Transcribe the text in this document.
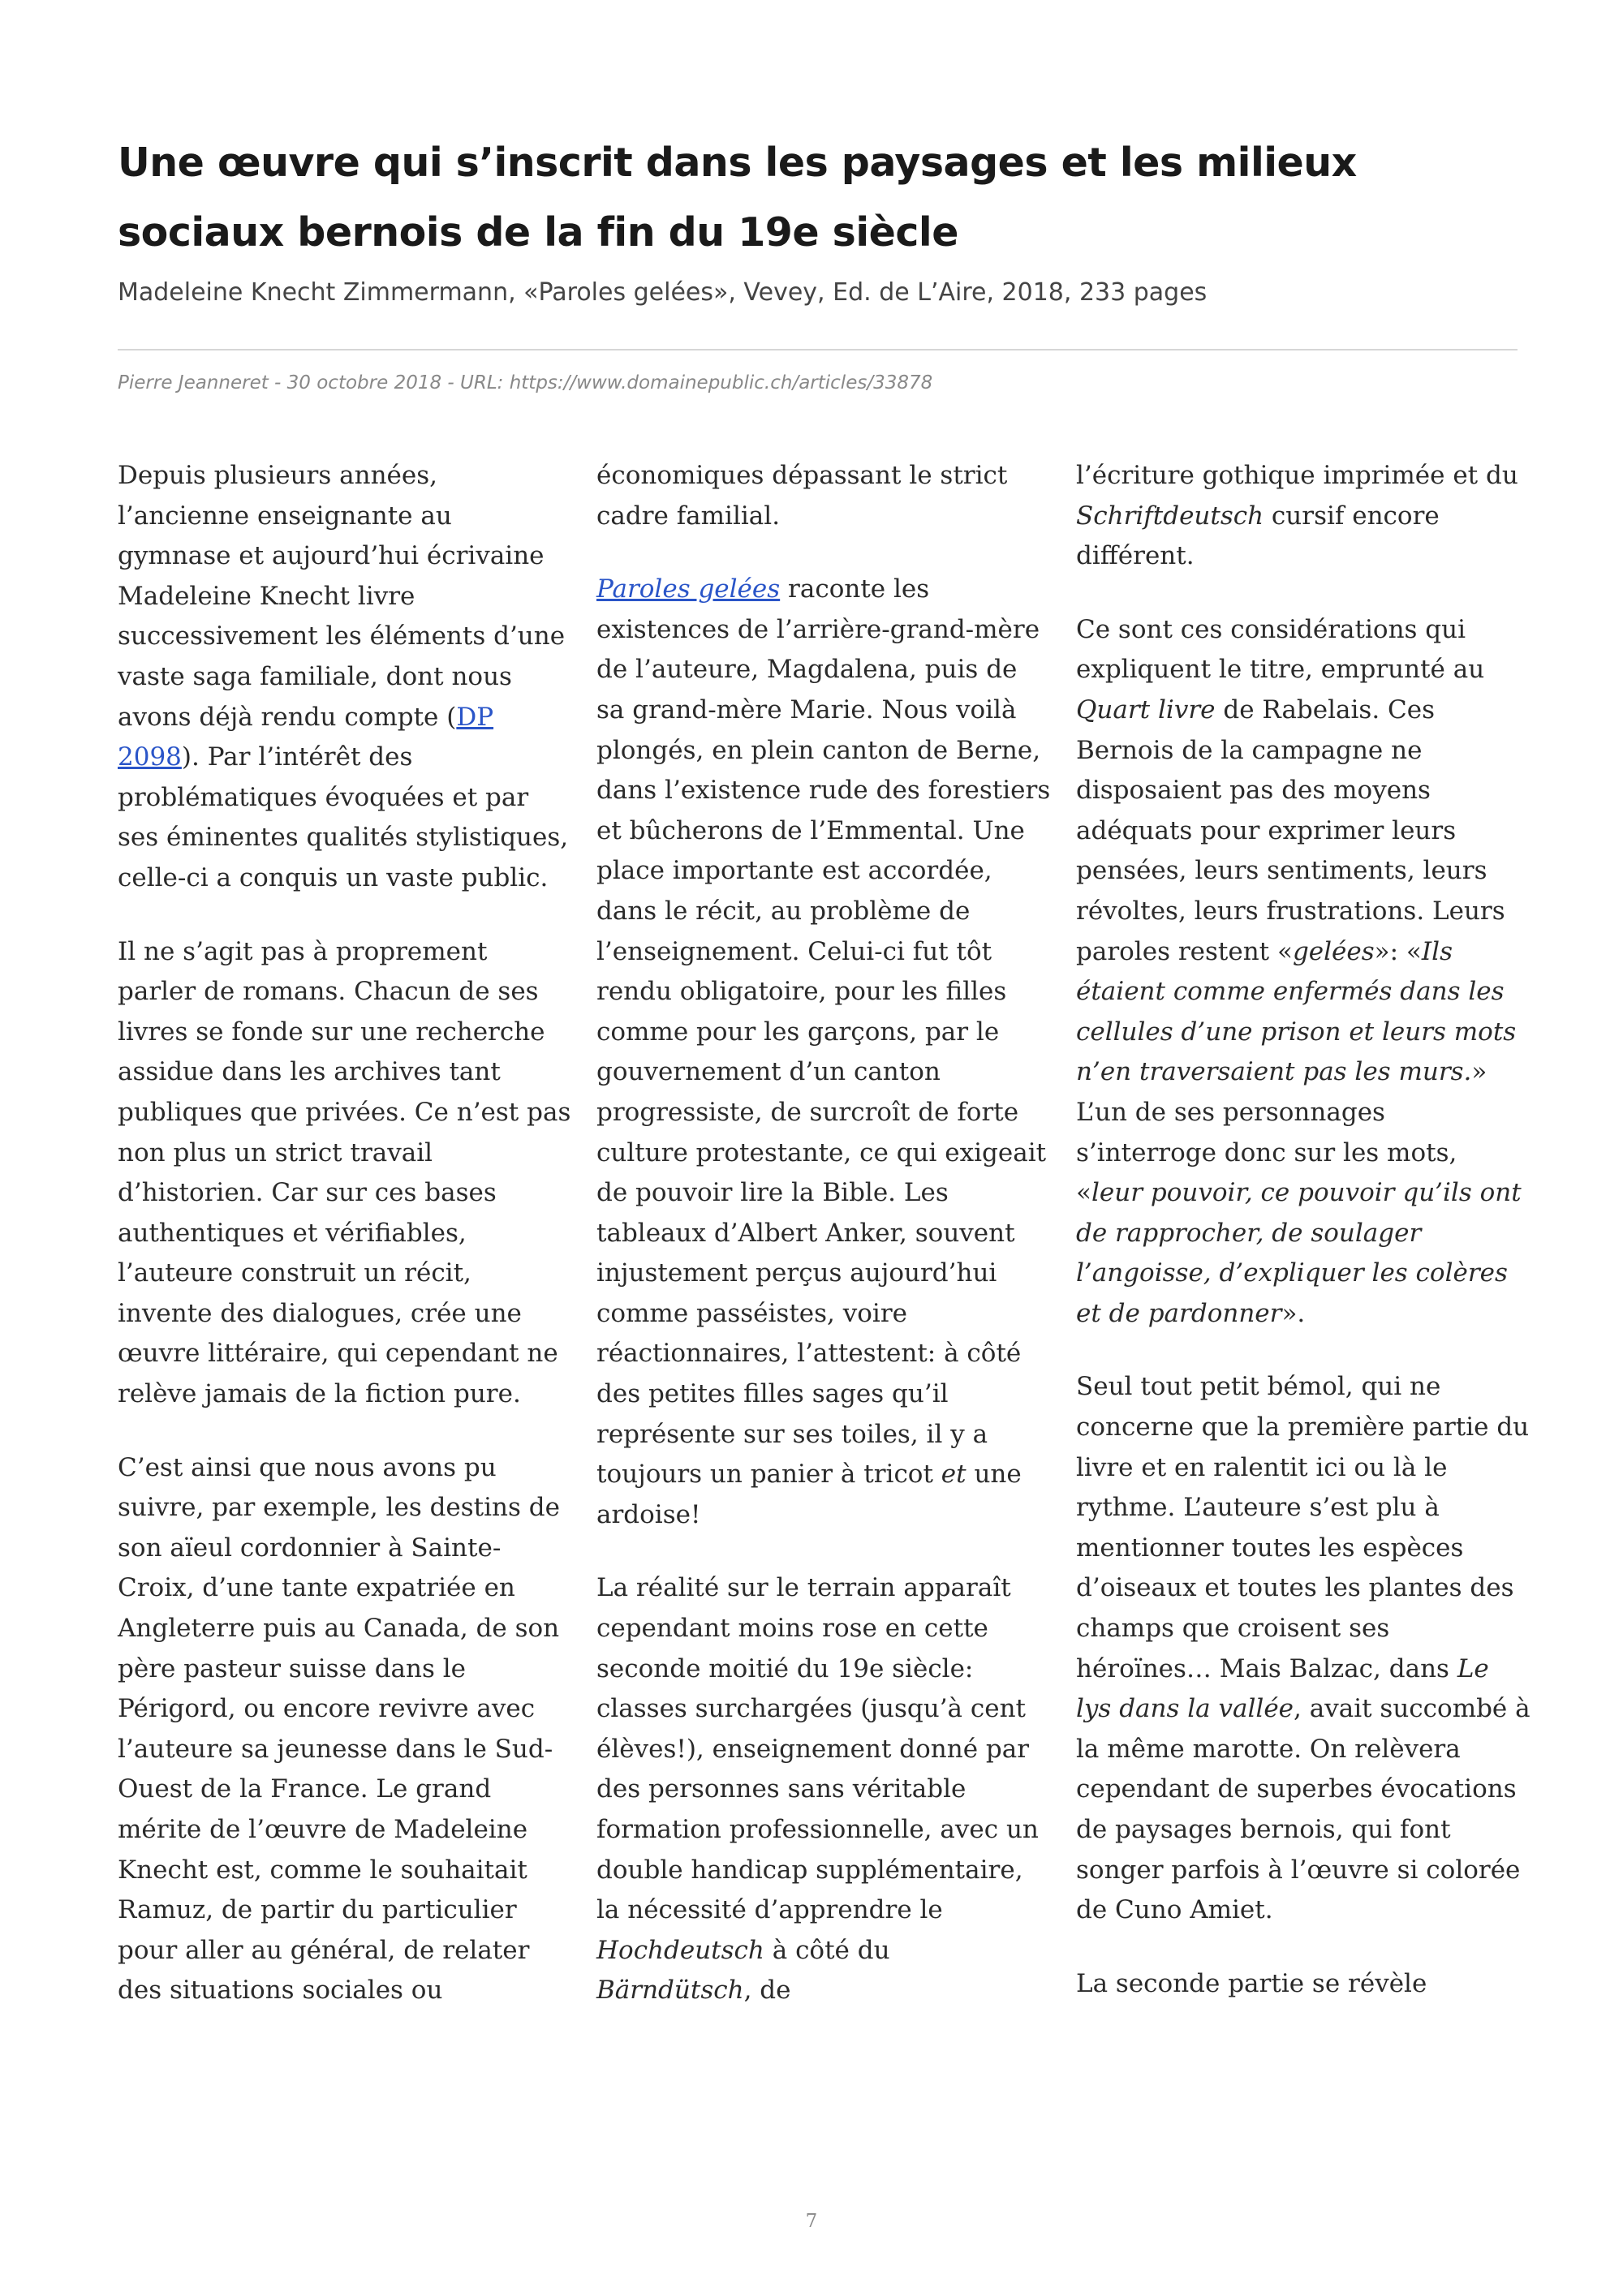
Une œuvre qui s’inscrit dans les paysages et les milieux sociaux bernois de la fin du 19e siècle

Madeleine Knecht Zimmermann, «Paroles gelées», Vevey, Ed. de L’Aire, 2018, 233 pages

Pierre Jeanneret - 30 octobre 2018 - URL: https://www.domainepublic.ch/articles/33878

Depuis plusieurs années, l’ancienne enseignante au gymnase et aujourd’hui écrivaine Madeleine Knecht livre successivement les éléments d’une vaste saga familiale, dont nous avons déjà rendu compte (DP 2098). Par l’intérêt des problématiques évoquées et par ses éminentes qualités stylistiques, celle-ci a conquis un vaste public.

Il ne s’agit pas à proprement parler de romans. Chacun de ses livres se fonde sur une recherche assidue dans les archives tant publiques que privées. Ce n’est pas non plus un strict travail d’historien. Car sur ces bases authentiques et vérifiables, l’auteure construit un récit, invente des dialogues, crée une œuvre littéraire, qui cependant ne relève jamais de la fiction pure.

C’est ainsi que nous avons pu suivre, par exemple, les destins de son aïeul cordonnier à Sainte-Croix, d’une tante expatriée en Angleterre puis au Canada, de son père pasteur suisse dans le Périgord, ou encore revivre avec l’auteure sa jeunesse dans le Sud-Ouest de la France. Le grand mérite de l’œuvre de Madeleine Knecht est, comme le souhaitait Ramuz, de partir du particulier pour aller au général, de relater des situations sociales ou

économiques dépassant le strict cadre familial.

Paroles gelées raconte les existences de l’arrière-grand-mère de l’auteure, Magdalena, puis de sa grand-mère Marie. Nous voilà plongés, en plein canton de Berne, dans l’existence rude des forestiers et bûcherons de l’Emmental. Une place importante est accordée, dans le récit, au problème de l’enseignement. Celui-ci fut tôt rendu obligatoire, pour les filles comme pour les garçons, par le gouvernement d’un canton progressiste, de surcroît de forte culture protestante, ce qui exigeait de pouvoir lire la Bible. Les tableaux d’Albert Anker, souvent injustement perçus aujourd’hui comme passéistes, voire réactionnaires, l’attestent: à côté des petites filles sages qu’il représente sur ses toiles, il y a toujours un panier à tricot et une ardoise!

La réalité sur le terrain apparaît cependant moins rose en cette seconde moitié du 19e siècle: classes surchargées (jusqu’à cent élèves!), enseignement donné par des personnes sans véritable formation professionnelle, avec un double handicap supplémentaire, la nécessité d’apprendre le Hochdeutsch à côté du Bärndütsch, de

l’écriture gothique imprimée et du Schriftdeutsch cursif encore différent.

Ce sont ces considérations qui expliquent le titre, emprunté au Quart livre de Rabelais. Ces Bernois de la campagne ne disposaient pas des moyens adéquats pour exprimer leurs pensées, leurs sentiments, leurs révoltes, leurs frustrations. Leurs paroles restent «gelées»: «Ils étaient comme enfermés dans les cellules d’une prison et leurs mots n’en traversaient pas les murs.» L’un de ses personnages s’interroge donc sur les mots, «leur pouvoir, ce pouvoir qu’ils ont de rapprocher, de soulager l’angoisse, d’expliquer les colères et de pardonner».

Seul tout petit bémol, qui ne concerne que la première partie du livre et en ralentit ici ou là le rythme. L’auteure s’est plu à mentionner toutes les espèces d’oiseaux et toutes les plantes des champs que croisent ses héroïnes… Mais Balzac, dans Le lys dans la vallée, avait succombé à la même marotte. On relèvera cependant de superbes évocations de paysages bernois, qui font songer parfois à l’œuvre si colorée de Cuno Amiet.

La seconde partie se révèle

7
